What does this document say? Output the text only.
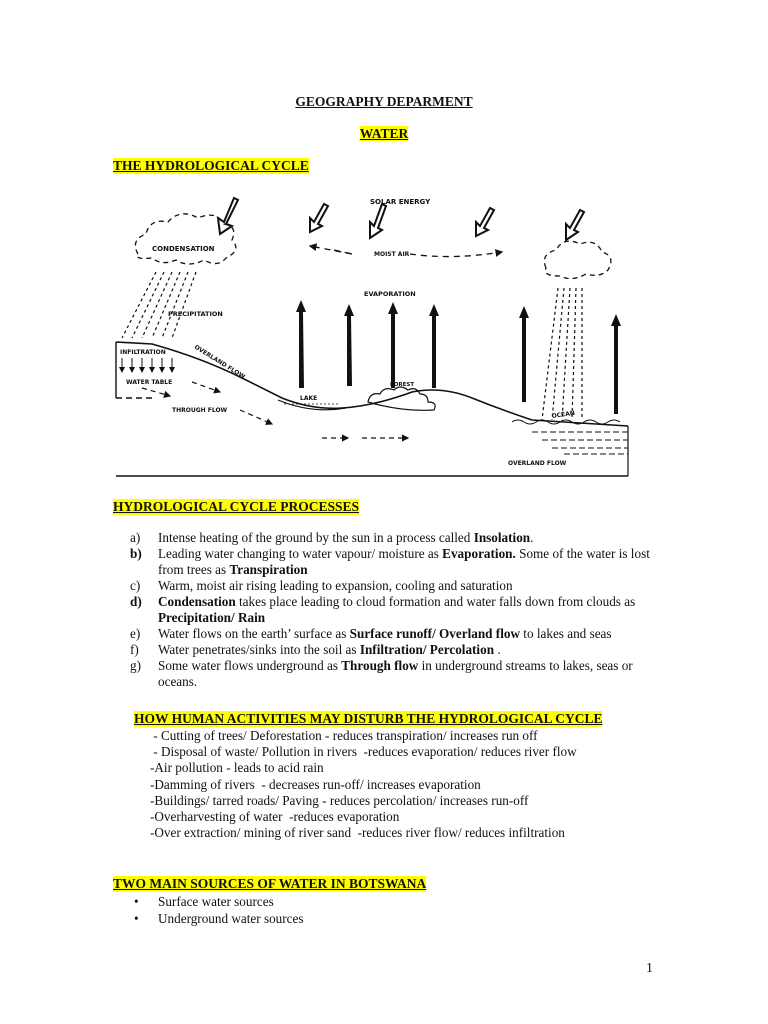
GEOGRAPHY DEPARMENT
WATER
THE HYDROLOGICAL CYCLE
SOLAR ENERGY
CONDENSATION
MOIST AIR
EVAPORATION
OCEAN
PRECIPITATION
LAKE
FOREST
INFILTRATION
WATER TABLE
OVERLAND FLOW
THROUGH FLOW
OVERLAND FLOW
HYDROLOGICAL CYCLE PROCESSES
a) Intense heating of the ground by the sun in a process called Insolation.
b) Leading water changing to water vapour/ moisture as Evaporation. Some of the water is lost from trees as Transpiration
c) Warm, moist air rising leading to expansion, cooling and saturation
d) Condensation takes place leading to cloud formation and water falls down from clouds as Precipitation/ Rain
e) Water flows on the earth’ surface as Surface runoff/ Overland flow to lakes and seas
f) Water penetrates/sinks into the soil as Infiltration/ Percolation .
g) Some water flows underground as Through flow in underground streams to lakes, seas or oceans.
HOW HUMAN ACTIVITIES MAY DISTURB THE HYDROLOGICAL CYCLE
- Cutting of trees/ Deforestation - reduces transpiration/ increases run off
- Disposal of waste/ Pollution in rivers  -reduces evaporation/ reduces river flow
-Air pollution - leads to acid rain
-Damming of rivers  - decreases run-off/ increases evaporation
-Buildings/ tarred roads/ Paving - reduces percolation/ increases run-off
-Overharvesting of water  -reduces evaporation
-Over extraction/ mining of river sand  -reduces river flow/ reduces infiltration
TWO MAIN SOURCES OF WATER IN BOTSWANA
• Surface water sources
• Underground water sources
1
